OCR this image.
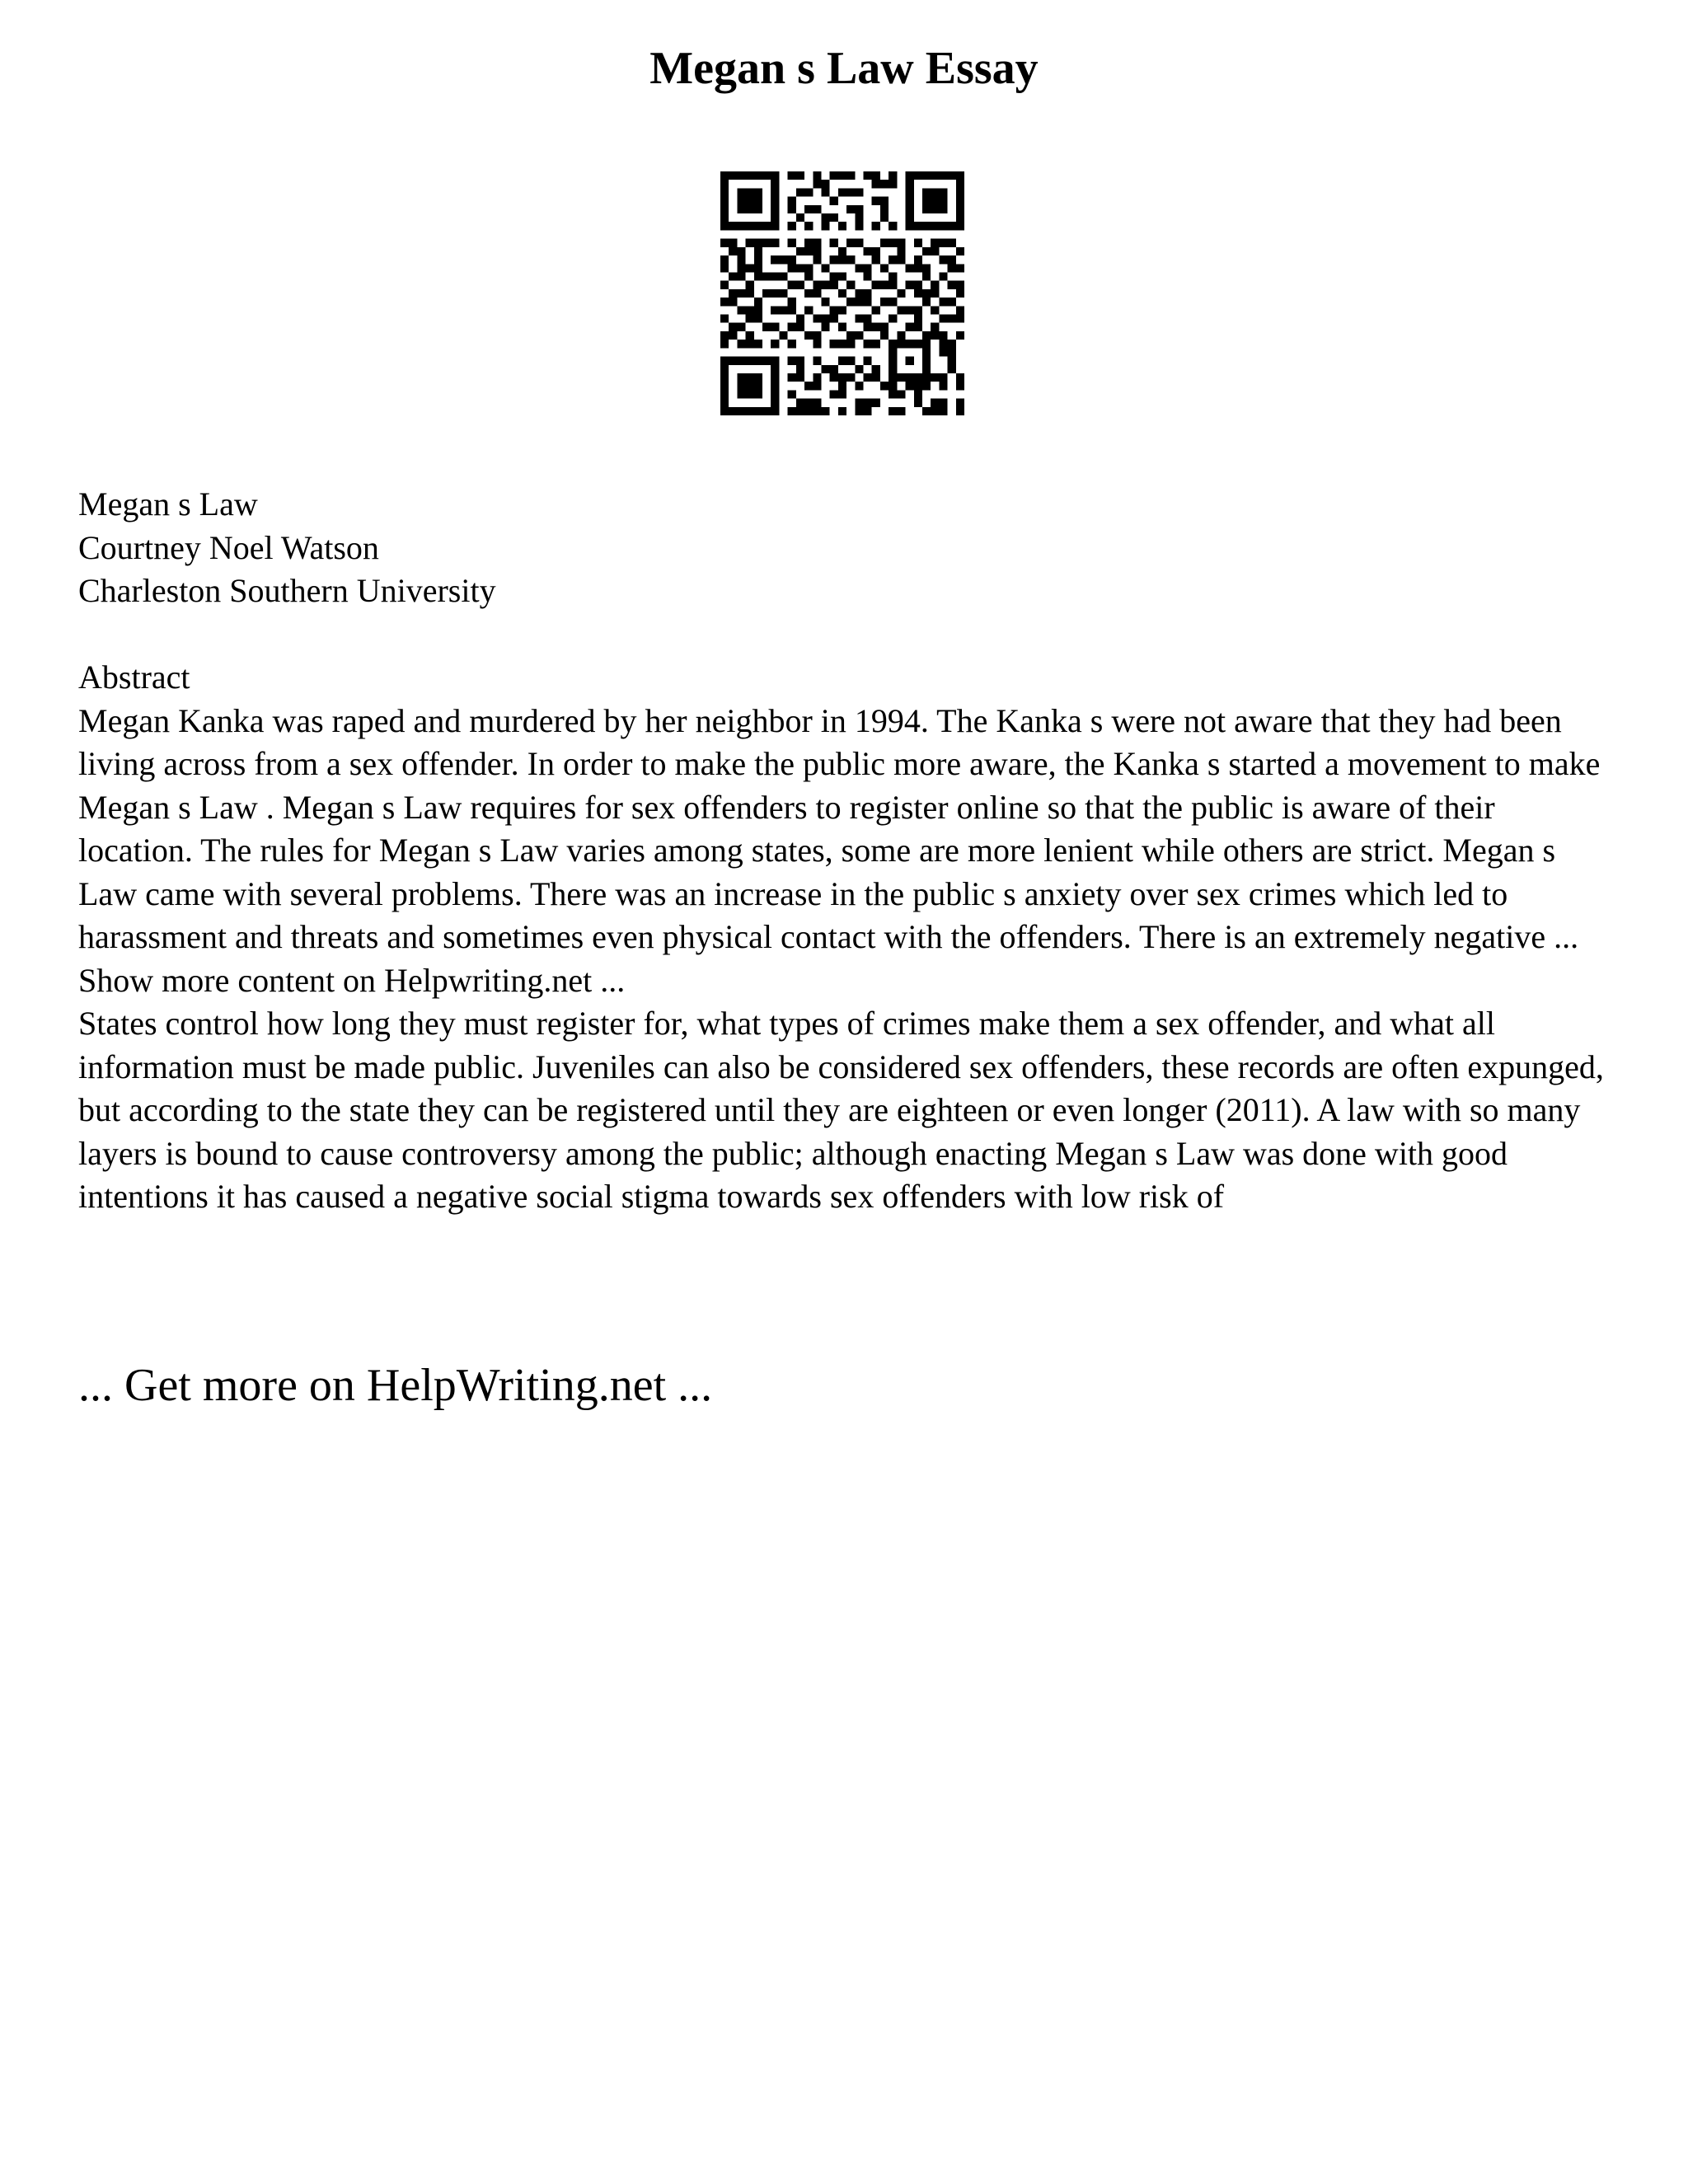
Megan s Law Essay

Megan s Law

Courtney Noel Watson

Charleston Southern University

Abstract

Megan Kanka was raped and murdered by her neighbor in 1994. The Kanka s were not aware that they had been living across from a sex offender. In order to make the public more aware, the Kanka s started a movement to make Megan s Law . Megan s Law requires for sex offenders to register online so that the public is aware of their location. The rules for Megan s Law varies among states, some are more lenient while others are strict. Megan s Law came with several problems. There was an increase in the public s anxiety over sex crimes which led to harassment and threats and sometimes even physical contact with the offenders. There is an extremely negative ... Show more content on Helpwriting.net ...

States control how long they must register for, what types of crimes make them a sex offender, and what all information must be made public. Juveniles can also be considered sex offenders, these records are often expunged, but according to the state they can be registered until they are eighteen or even longer (2011). A law with so many layers is bound to cause controversy among the public; although enacting Megan s Law was done with good intentions it has caused a negative social stigma towards sex offenders with low risk of

... Get more on HelpWriting.net ...
